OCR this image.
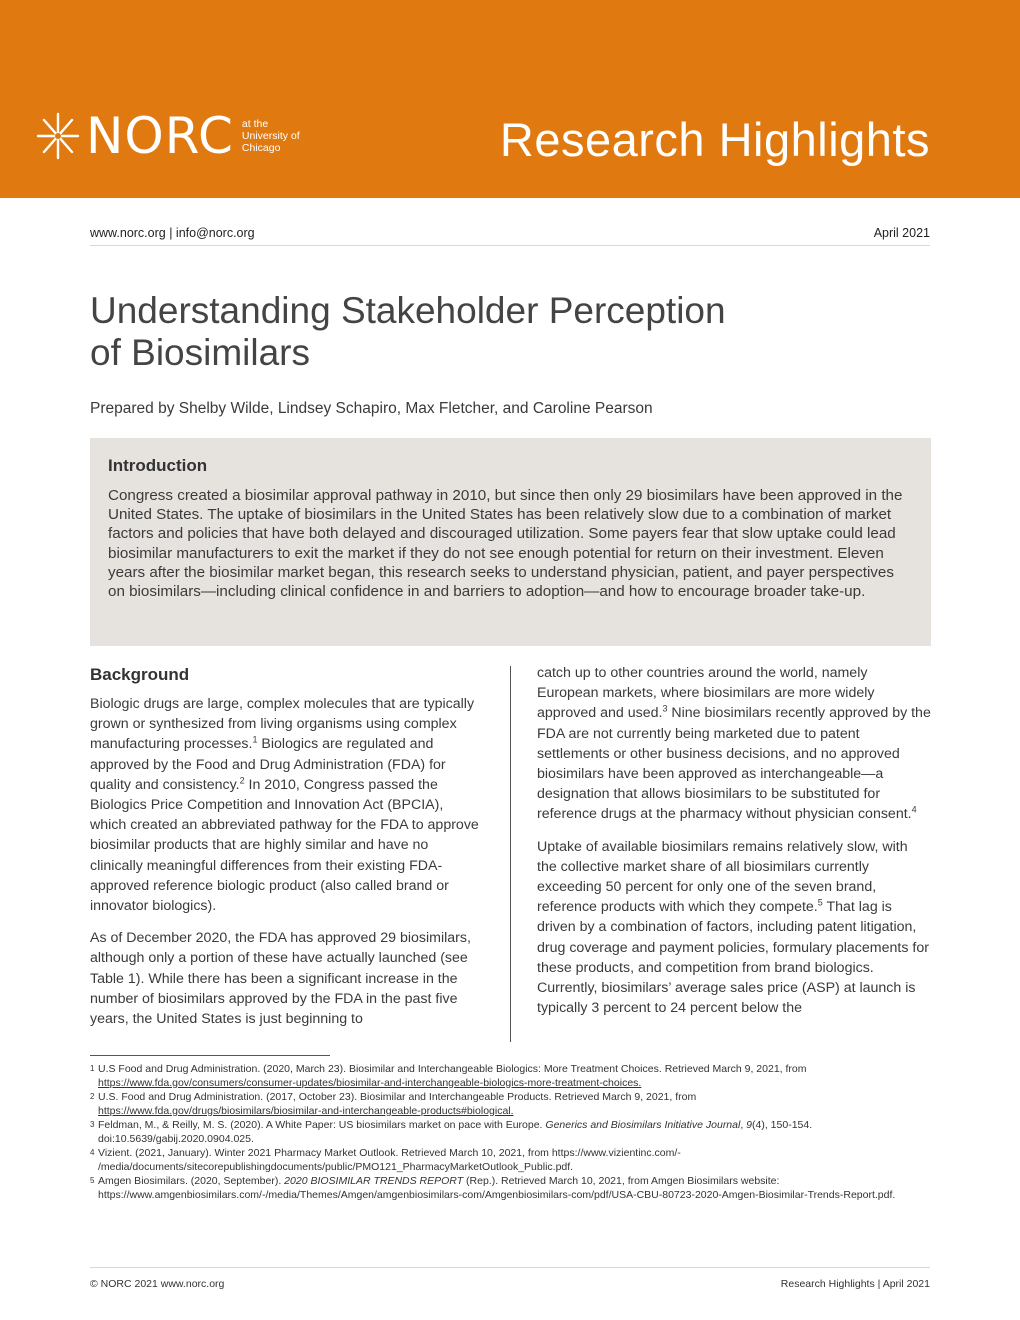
NORC at the
University of
Chicago	Research Highlights
www.norc.org | info@norc.org	April 2021
Understanding Stakeholder Perception
of Biosimilars
Prepared by Shelby Wilde, Lindsey Schapiro, Max Fletcher, and Caroline Pearson
Introduction

Congress created a biosimilar approval pathway in 2010, but since then only 29 biosimilars have been approved in the United States. The uptake of biosimilars in the United States has been relatively slow due to a combination of market factors and policies that have both delayed and discouraged utilization. Some payers fear that slow uptake could lead biosimilar manufacturers to exit the market if they do not see enough potential for return on their investment. Eleven years after the biosimilar market began, this research seeks to understand physician, patient, and payer perspectives on biosimilars—including clinical confidence in and barriers to adoption—and how to encourage broader take-up.

Background

Biologic drugs are large, complex molecules that are typically grown or synthesized from living organisms using complex manufacturing processes.$^1$ Biologics are regulated and approved by the Food and Drug Administration (FDA) for quality and consistency.$^2$ In 2010, Congress passed the Biologics Price Competition and Innovation Act (BPCIA), which created an abbreviated pathway for the FDA to approve biosimilar products that are highly similar and have no clinically meaningful differences from their existing FDA-approved reference biologic product (also called brand or innovator biologics).

As of December 2020, the FDA has approved 29 biosimilars, although only a portion of these have actually launched (see Table 1). While there has been a significant increase in the number of biosimilars approved by the FDA in the past five years, the United States is just beginning to

catch up to other countries around the world, namely European markets, where biosimilars are more widely approved and used.$^3$ Nine biosimilars recently approved by the FDA are not currently being marketed due to patent settlements or other business decisions, and no approved biosimilars have been approved as interchangeable—a designation that allows biosimilars to be substituted for reference drugs at the pharmacy without physician consent.$^4$

Uptake of available biosimilars remains relatively slow, with the collective market share of all biosimilars currently exceeding 50 percent for only one of the seven brand, reference products with which they compete.$^5$ That lag is driven by a combination of factors, including patent litigation, drug coverage and payment policies, formulary placements for these products, and competition from brand biologics. Currently, biosimilars’ average sales price (ASP) at launch is typically 3 percent to 24 percent below the

1 U.S Food and Drug Administration. (2020, March 23). Biosimilar and Interchangeable Biologics: More Treatment Choices. Retrieved March 9, 2021, from
https://www.fda.gov/consumers/consumer-updates/biosimilar-and-interchangeable-biologics-more-treatment-choices.
2 U.S. Food and Drug Administration. (2017, October 23). Biosimilar and Interchangeable Products. Retrieved March 9, 2021, from
https://www.fda.gov/drugs/biosimilars/biosimilar-and-interchangeable-products#biological.
3 Feldman, M., & Reilly, M. S. (2020). A White Paper: US biosimilars market on pace with Europe. Generics and Biosimilars Initiative Journal, 9(4), 150-154.
doi:10.5639/gabij.2020.0904.025.
4 Vizient. (2021, January). Winter 2021 Pharmacy Market Outlook. Retrieved March 10, 2021, from https://www.vizientinc.com/-
/media/documents/sitecorepublishingdocuments/public/PMO121_PharmacyMarketOutlook_Public.pdf.
5 Amgen Biosimilars. (2020, September). 2020 BIOSIMILAR TRENDS REPORT (Rep.). Retrieved March 10, 2021, from Amgen Biosimilars website:
https://www.amgenbiosimilars.com/-/media/Themes/Amgen/amgenbiosimilars-com/Amgenbiosimilars-com/pdf/USA-CBU-80723-2020-Amgen-Biosimilar-Trends-Report.pdf.
© NORC 2021 www.norc.org	Research Highlights | April 2021
